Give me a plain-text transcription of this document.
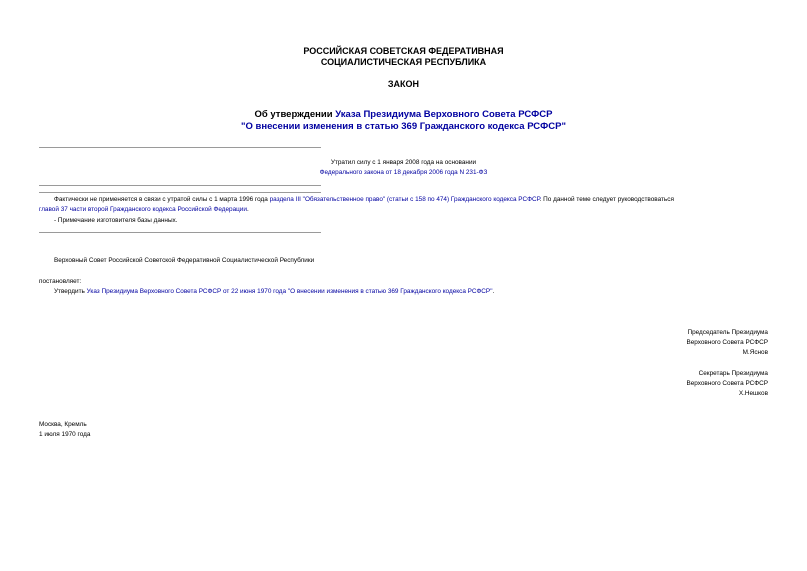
РОССИЙСКАЯ СОВЕТСКАЯ ФЕДЕРАТИВНАЯ
СОЦИАЛИСТИЧЕСКАЯ РЕСПУБЛИКА
ЗАКОН
Об утверждении Указа Президиума Верховного Совета РСФСР
"О внесении изменения в статью 369 Гражданского кодекса РСФСР"
Утратил силу с 1 января 2008 года на основании
Федерального закона от 18 декабря 2006 года N 231-ФЗ
Фактически не применяется в связи с утратой силы с 1 марта 1996 года раздела III "Обязательственное право" (статьи с 158 по 474) Гражданского кодекса РСФСР. По данной теме следует руководствоваться
главой 37 части второй Гражданского кодекса Российской Федерации.
- Примечание изготовителя базы данных.
Верховный Совет Российской Советской Федеративной Социалистической Республики
постановляет:
Утвердить Указ Президиума Верховного Совета РСФСР от 22 июня 1970 года "О внесении изменения в статью 369 Гражданского кодекса РСФСР".
Председатель Президиума
Верховного Совета РСФСР
М.Яснов
Секретарь Президиума
Верховного Совета РСФСР
Х.Нешков
Москва, Кремль
1 июля 1970 года
